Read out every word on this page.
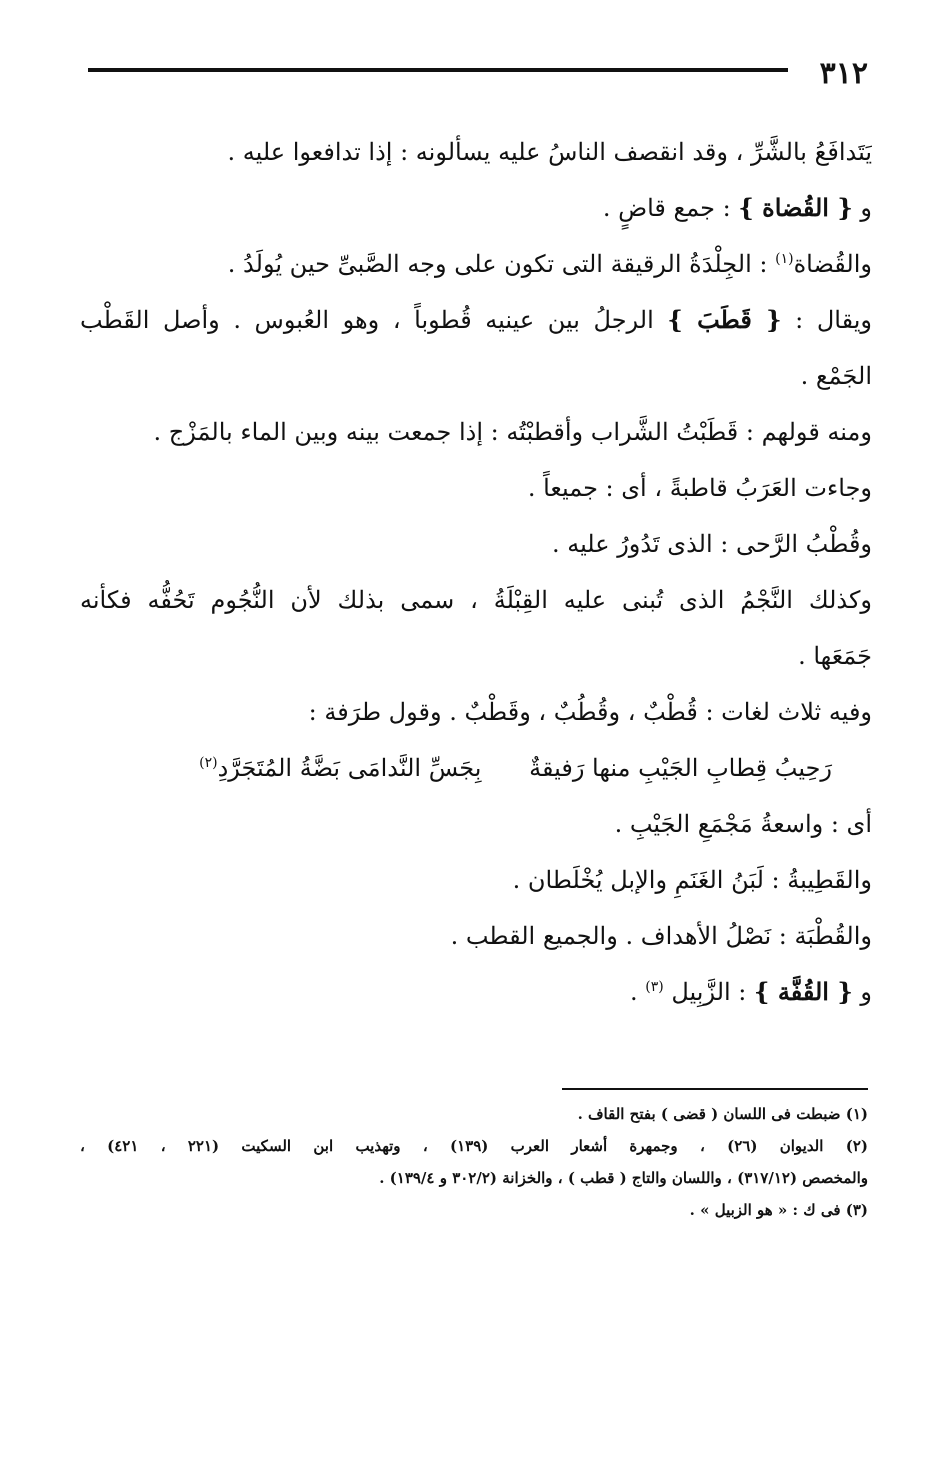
٣١٢
يَتَدافَعُ بالشَّرِّ ، وقد انقصف الناسُ عليه يسألونه : إذا تدافعوا عليه .
و { القُضاة } : جمع قاضٍ .
والقُضاة$^{(١)}$ : الجِلْدَةُ الرقيقة التى تكون على وجه الصَّبىِّ حين يُولَدُ .
ويقال : { قَطَبَ } الرجلُ بين عينيه قُطوباً ، وهو العُبوس . وأصل القَطْب
الجَمْع .
ومنه قولهم : قَطَبْتُ الشَّراب وأقطبْتُه : إذا جمعت بينه وبين الماء بالمَزْج .
وجاءت العَرَبُ قاطبةً ، أى : جميعاً .
وقُطْبُ الرَّحى : الذى تَدُورُ عليه .
وكذلك النَّجْمُ الذى تُبنى عليه القِبْلَةُ ، سمى بذلك لأن النُّجُوم تَحُفُّه فكأنه
جَمَعَها .
وفيه ثلاث لغات : قُطْبٌ ، وقُطُبٌ ، وقَطْبٌ . وقول طرَفة :
رَحِيبُ قِطابِ الجَيْبِ منها رَفيقةٌ بِجَسِّ النَّدامَى بَضَّةُ المُتَجَرَّدِ$^{(٢)}$
أى : واسعةُ مَجْمَعِ الجَيْبِ .
والقَطِيبةُ : لَبَنُ الغَنَمِ والإبل يُخْلَطان .
والقُطْبَة : نَصْلُ الأهداف . والجميع القطب .
و { القُفَّة } : الزَّبِيل $^{(٣)}$ .
(١) ضبطت فى اللسان ( قضى ) بفتح القاف .
(٢) الديوان (٢٦) ، وجمهرة أشعار العرب (١٣٩) ، وتهذيب ابن السكيت (٢٢١ ، ٤٢١) ،
والمخصص (٣١٧/١٢) ، واللسان والتاج ( قطب ) ، والخزانة (٣٠٢/٢ و ١٣٩/٤) .
(٣) فى ك : « هو الزبيل » .
